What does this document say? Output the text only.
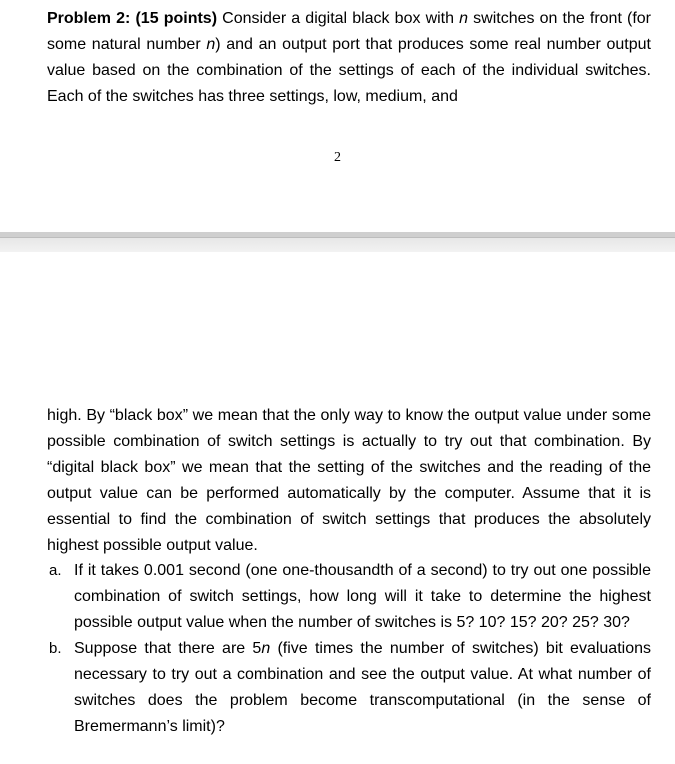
Problem 2: (15 points) Consider a digital black box with n switches on the front (for some natural number n) and an output port that produces some real number output value based on the combination of the settings of each of the individual switches. Each of the switches has three settings, low, medium, and

2

high. By “black box” we mean that the only way to know the output value under some possible combination of switch settings is actually to try out that combination. By “digital black box” we mean that the setting of the switches and the reading of the output value can be performed automatically by the computer. Assume that it is essential to find the combination of switch settings that produces the absolutely highest possible output value.

a. If it takes 0.001 second (one one-thousandth of a second) to try out one possible combination of switch settings, how long will it take to determine the highest possible output value when the number of switches is 5? 10? 15? 20? 25? 30?
b. Suppose that there are 5n (five times the number of switches) bit evaluations necessary to try out a combination and see the output value. At what number of switches does the problem become transcomputational (in the sense of Bremermann’s limit)?
